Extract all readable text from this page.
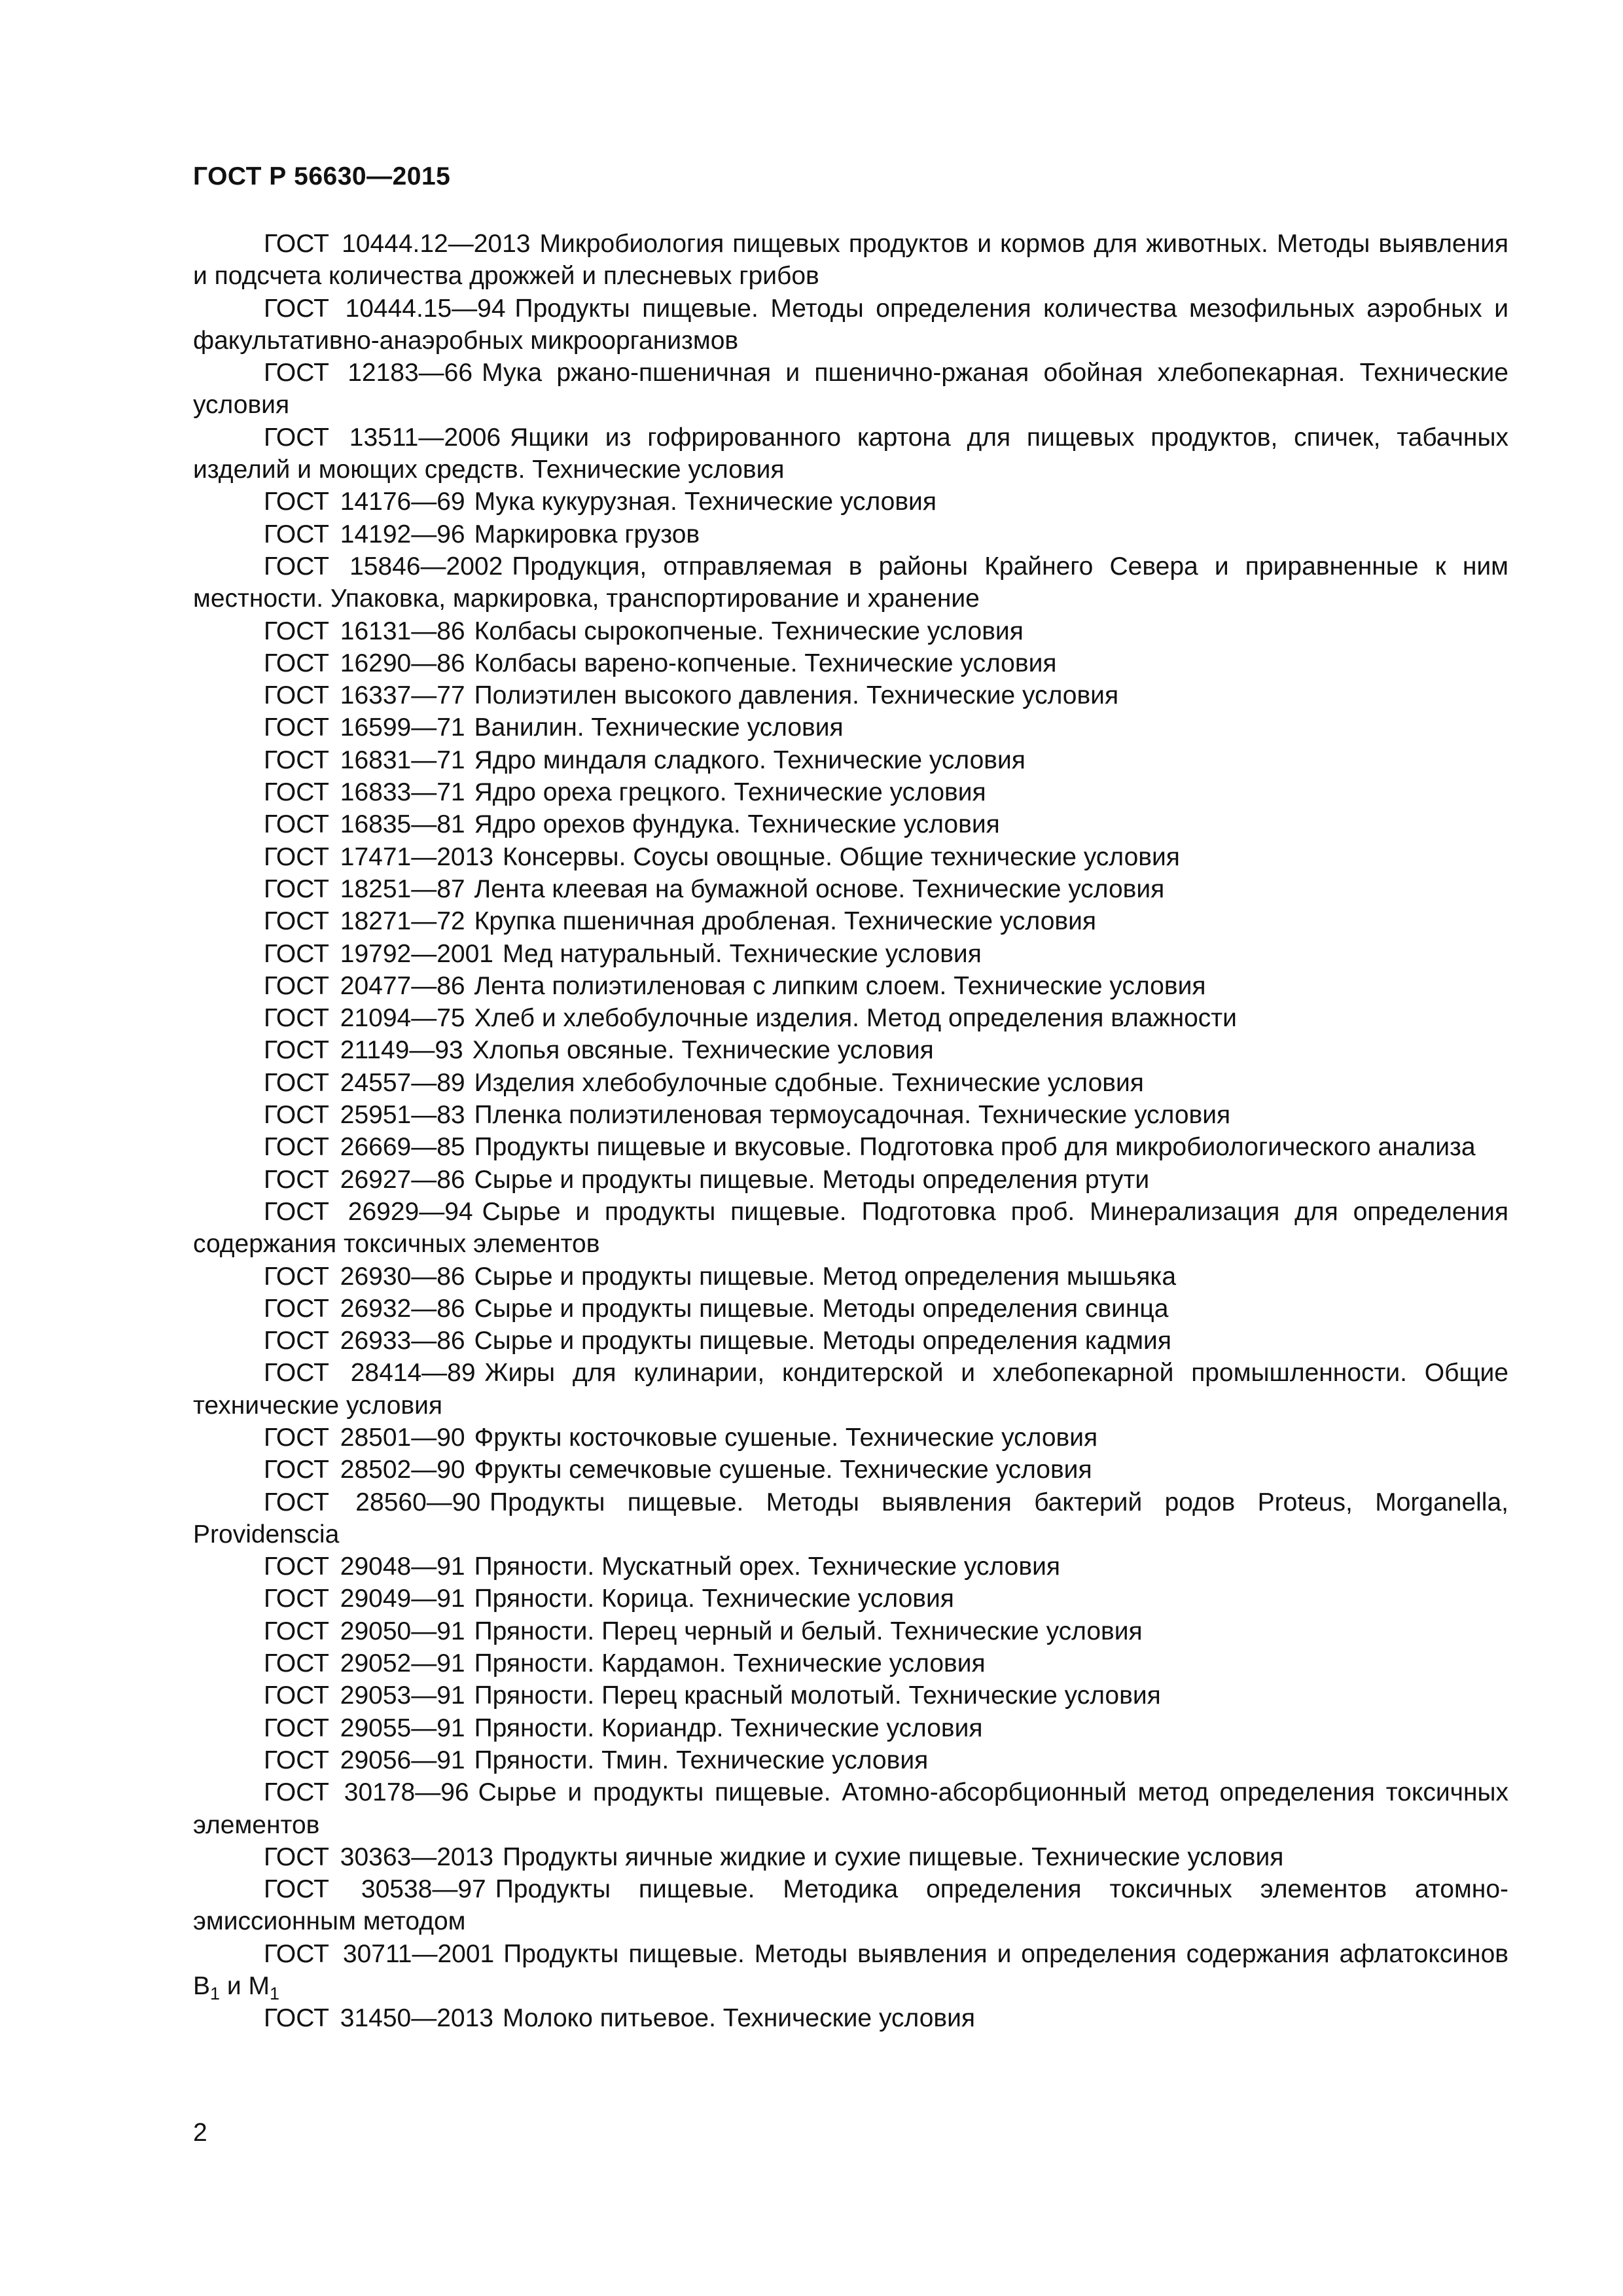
ГОСТ Р 56630—2015

ГОСТ 10444.12—2013 Микробиология пищевых продуктов и кормов для животных. Методы выявления и подсчета количества дрожжей и плесневых грибов

ГОСТ 10444.15—94 Продукты пищевые. Методы определения количества мезофильных аэробных и факультативно-анаэробных микроорганизмов

ГОСТ 12183—66 Мука ржано-пшеничная и пшенично-ржаная обойная хлебопекарная. Технические условия

ГОСТ 13511—2006 Ящики из гофрированного картона для пищевых продуктов, спичек, табачных изделий и моющих средств. Технические условия

ГОСТ 14176—69 Мука кукурузная. Технические условия

ГОСТ 14192—96 Маркировка грузов

ГОСТ 15846—2002 Продукция, отправляемая в районы Крайнего Севера и приравненные к ним местности. Упаковка, маркировка, транспортирование и хранение

ГОСТ 16131—86 Колбасы сырокопченые. Технические условия

ГОСТ 16290—86 Колбасы варено-копченые. Технические условия

ГОСТ 16337—77 Полиэтилен высокого давления. Технические условия

ГОСТ 16599—71 Ванилин. Технические условия

ГОСТ 16831—71 Ядро миндаля сладкого. Технические условия

ГОСТ 16833—71 Ядро ореха грецкого. Технические условия

ГОСТ 16835—81 Ядро орехов фундука. Технические условия

ГОСТ 17471—2013 Консервы. Соусы овощные. Общие технические условия

ГОСТ 18251—87 Лента клеевая на бумажной основе. Технические условия

ГОСТ 18271—72 Крупка пшеничная дробленая. Технические условия

ГОСТ 19792—2001 Мед натуральный. Технические условия

ГОСТ 20477—86 Лента полиэтиленовая с липким слоем. Технические условия

ГОСТ 21094—75 Хлеб и хлебобулочные изделия. Метод определения влажности

ГОСТ 21149—93 Хлопья овсяные. Технические условия

ГОСТ 24557—89 Изделия хлебобулочные сдобные. Технические условия

ГОСТ 25951—83 Пленка полиэтиленовая термоусадочная. Технические условия

ГОСТ 26669—85 Продукты пищевые и вкусовые. Подготовка проб для микробиологического анализа

ГОСТ 26927—86 Сырье и продукты пищевые. Методы определения ртути

ГОСТ 26929—94 Сырье и продукты пищевые. Подготовка проб. Минерализация для определения содержания токсичных элементов

ГОСТ 26930—86 Сырье и продукты пищевые. Метод определения мышьяка

ГОСТ 26932—86 Сырье и продукты пищевые. Методы определения свинца

ГОСТ 26933—86 Сырье и продукты пищевые. Методы определения кадмия

ГОСТ 28414—89 Жиры для кулинарии, кондитерской и хлебопекарной промышленности. Общие технические условия

ГОСТ 28501—90 Фрукты косточковые сушеные. Технические условия

ГОСТ 28502—90 Фрукты семечковые сушеные. Технические условия

ГОСТ 28560—90 Продукты пищевые. Методы выявления бактерий родов Proteus, Morganella, Providenscia

ГОСТ 29048—91 Пряности. Мускатный орех. Технические условия

ГОСТ 29049—91 Пряности. Корица. Технические условия

ГОСТ 29050—91 Пряности. Перец черный и белый. Технические условия

ГОСТ 29052—91 Пряности. Кардамон. Технические условия

ГОСТ 29053—91 Пряности. Перец красный молотый. Технические условия

ГОСТ 29055—91 Пряности. Кориандр. Технические условия

ГОСТ 29056—91 Пряности. Тмин. Технические условия

ГОСТ 30178—96 Сырье и продукты пищевые. Атомно-абсорбционный метод определения токсичных элементов

ГОСТ 30363—2013 Продукты яичные жидкие и сухие пищевые. Технические условия

ГОСТ 30538—97 Продукты пищевые. Методика определения токсичных элементов атомно-эмиссионным методом

ГОСТ 30711—2001 Продукты пищевые. Методы выявления и определения содержания афлатоксинов $B_1$ и $M_1$

ГОСТ 31450—2013 Молоко питьевое. Технические условия

2
